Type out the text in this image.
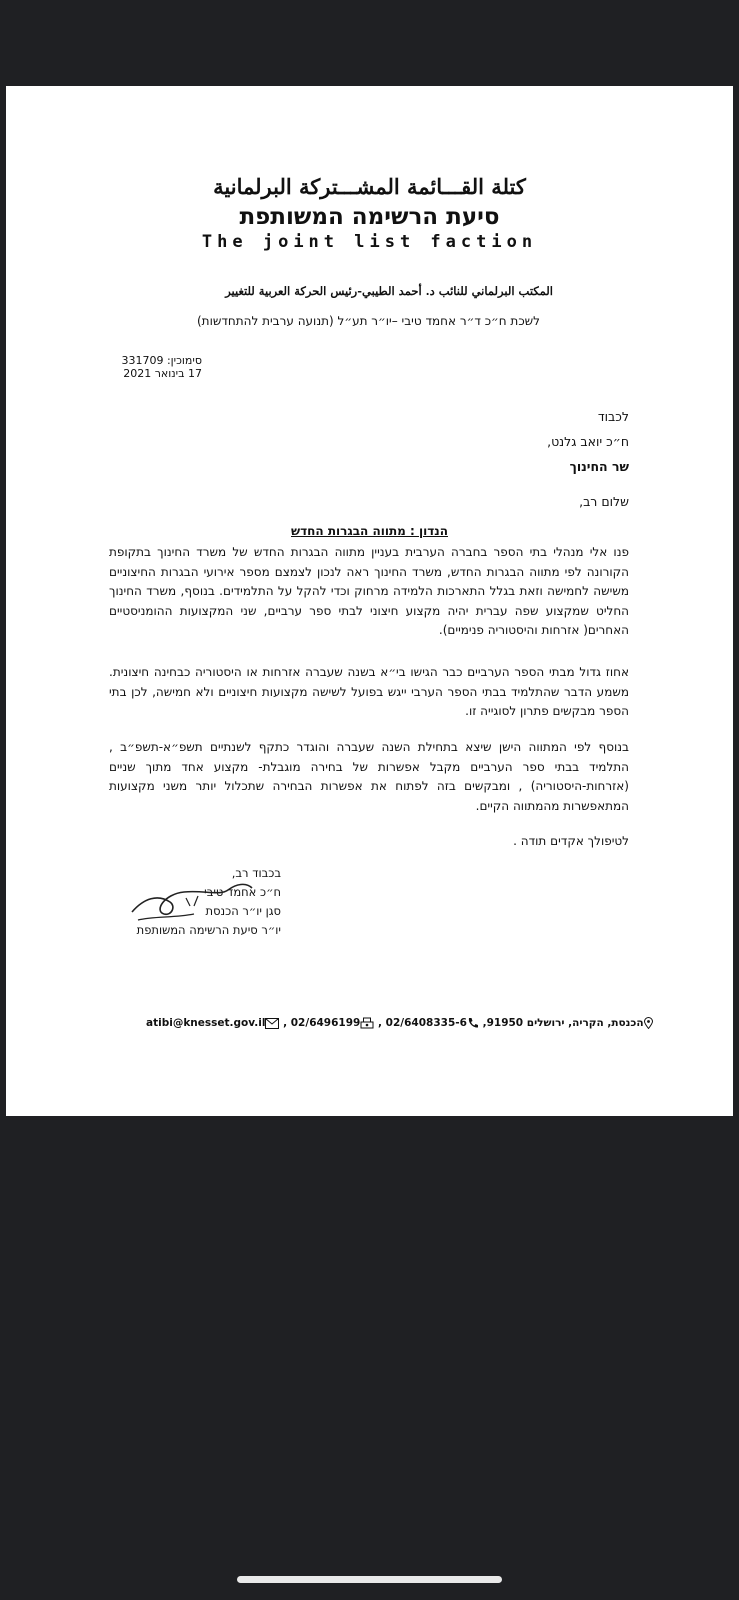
كتلة القـــائمة المشـــتركة البرلمانية
סיעת הרשימה המשותפת
The joint list faction
المكتب البرلماني للنائب د. أحمد الطيبي-رئيس الحركة العربية للتغيير
לשכת ח״כ ד״ר אחמד טיבי –יו״ר תע״ל (תנועה ערבית להתחדשות)
סימוכין: 331709
17 בינואר 2021
לכבוד
ח״כ יואב גלנט,
שר החינוך
שלום רב,
הנדון : מתווה הבגרות החדש
פנו אלי מנהלי בתי הספר בחברה הערבית בעניין מתווה הבגרות החדש של משרד החינוך בתקופת הקורונה לפי מתווה הבגרות החדש, משרד החינוך ראה לנכון לצמצם מספר אירועי הבגרות החיצוניים משישה לחמישה וזאת בגלל התארכות הלמידה מרחוק וכדי להקל על התלמידים. בנוסף, משרד החינוך החליט שמקצוע שפה עברית יהיה מקצוע חיצוני לבתי ספר ערביים, שני המקצועות ההומניסטיים האחרים( אזרחות והיסטוריה פנימיים).
אחוז גדול מבתי הספר הערביים כבר הגישו בי״א בשנה שעברה אזרחות או היסטוריה כבחינה חיצונית. משמע הדבר שהתלמיד בבתי הספר הערבי ייגש בפועל לשישה מקצועות חיצוניים ולא חמישה, לכן בתי הספר מבקשים פתרון לסוגייה זו.
בנוסף לפי המתווה הישן שיצא בתחילת השנה שעברה והוגדר כתקף לשנתיים תשפ״א-תשפ״ב , התלמיד בבתי ספר הערביים מקבל אפשרות של בחירה מוגבלת- מקצוע אחד מתוך שניים (אזרחות-היסטוריה) , ומבקשים בזה לפתוח את אפשרות הבחירה שתכלול יותר משני מקצועות המתאפשרות מהמתווה הקיים.
לטיפולך אקדים תודה .
בכבוד רב,
ח״כ אחמד טיבי
סגן יו״ר הכנסת
יו״ר סיעת הרשימה המשותפת
atibi@knesset.gov.il , 02/6496199 , 02/6408335-6 הכנסת, הקריה, ירושלים 91950,
